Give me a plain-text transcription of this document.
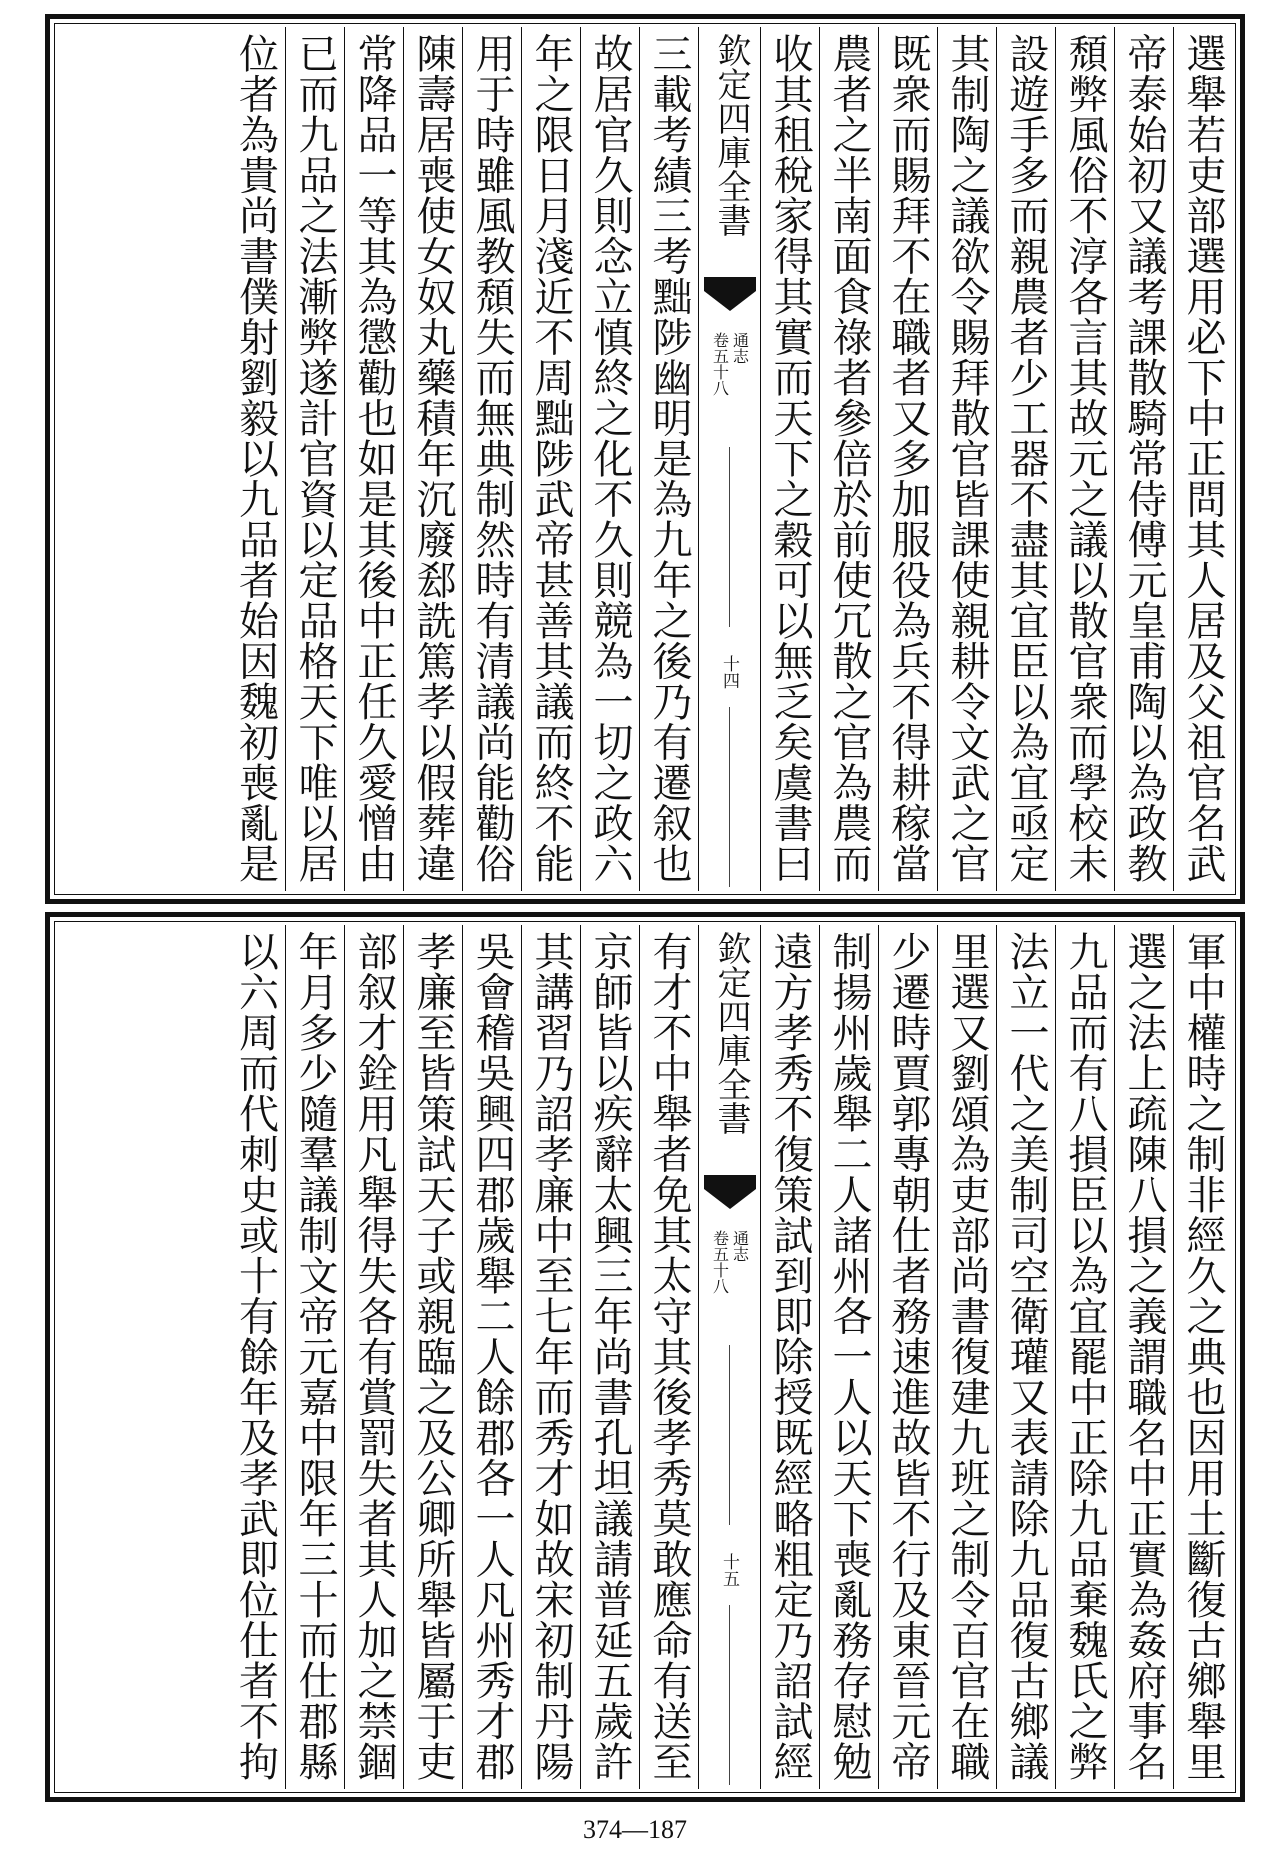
選舉若吏部選用必下中正問其人居及父祖官名武
帝泰始初又議考課散騎常侍傅元皇甫陶以為政教
頹弊風俗不淳各言其故元之議以散官衆而學校未
設遊手多而親農者少工器不盡其宜臣以為宜亟定
其制陶之議欲令賜拜散官皆課使親耕令文武之官
既衆而賜拜不在職者又多加服役為兵不得耕稼當
農者之半南面食祿者參倍於前使冗散之官為農而
收其租稅家得其實而天下之穀可以無乏矣虞書曰
欽定四庫全書
通志
卷五十八
十四
三載考績三考黜陟幽明是為九年之後乃有遷叙也
故居官久則念立慎終之化不久則競為一切之政六
年之限日月淺近不周黜陟武帝甚善其議而終不能
用于時雖風教頹失而無典制然時有清議尚能勸俗
陳壽居喪使女奴丸藥積年沉廢郄詵篤孝以假葬違
常降品一等其為懲勸也如是其後中正任久愛憎由
已而九品之法漸弊遂計官資以定品格天下唯以居
位者為貴尚書僕射劉毅以九品者始因魏初喪亂是
軍中權時之制非經久之典也因用土斷復古鄉舉里
選之法上疏陳八損之義謂職名中正實為姦府事名
九品而有八損臣以為宜罷中正除九品棄魏氏之弊
法立一代之美制司空衛瓘又表請除九品復古鄉議
里選又劉頌為吏部尚書復建九班之制令百官在職
少遷時賈郭專朝仕者務速進故皆不行及東晉元帝
制揚州歲舉二人諸州各一人以天下喪亂務存慰勉
遠方孝秀不復策試到即除授既經略粗定乃詔試經
欽定四庫全書
通志
卷五十八
十五
有才不中舉者免其太守其後孝秀莫敢應命有送至
京師皆以疾辭太興三年尚書孔坦議請普延五歲許
其講習乃詔孝廉中至七年而秀才如故宋初制丹陽
吳會稽吳興四郡歲舉二人餘郡各一人凡州秀才郡
孝廉至皆策試天子或親臨之及公卿所舉皆屬于吏
部叙才銓用凡舉得失各有賞罰失者其人加之禁錮
年月多少隨羣議制文帝元嘉中限年三十而仕郡縣
以六周而代刺史或十有餘年及孝武即位仕者不拘
374—187
